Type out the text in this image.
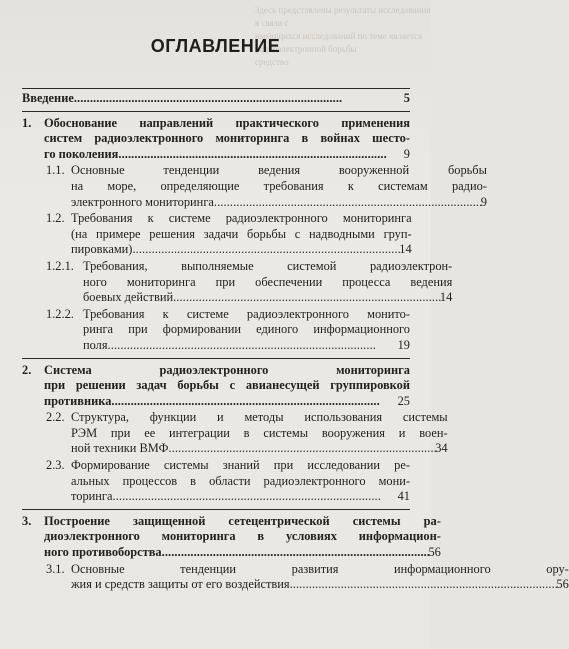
Здесь представлены результаты исследования
в связи с
имеющихся исследований по теме является
радиоэлектронной борьбы
средство
ОГЛАВЛЕНИЕ
Введение . . .	5
1.	Обоснование направлений практического применения
систем радиоэлектронного мониторинга в войнах шесто-
го поколения . . .	9
1.1. Основные тенденции ведения вооруженной борьбы
на море, определяющие требования к системам радио-
электронного мониторинга . . .	9
1.2. Требования к системе радиоэлектронного мониторинга
(на примере решения задачи борьбы с надводными груп-
пировками) . . .	14
1.2.1. Требования, выполняемые системой радиоэлектрон-
ного мониторинга при обеспечении процесса ведения
боевых действий . . .	14
1.2.2. Требования к системе радиоэлектронного монито-
ринга при формировании единого информационного
поля . . .	19
2.	Система радиоэлектронного мониторинга
при решении задач борьбы с авианесущей группировкой
противника . . .	25
2.2. Структура, функции и методы использования системы
РЭМ при ее интеграции в системы вооружения и воен-
ной техники ВМФ . . .	34
2.3. Формирование системы знаний при исследовании ре-
альных процессов в области радиоэлектронного мони-
торинга . . .	41
3.	Построение защищенной сетецентрической системы ра-
диоэлектронного мониторинга в условиях информацион-
ного противоборства . . .	56
3.1. Основные тенденции развития информационного ору-
жия и средств защиты от его воздействия . . .	56
